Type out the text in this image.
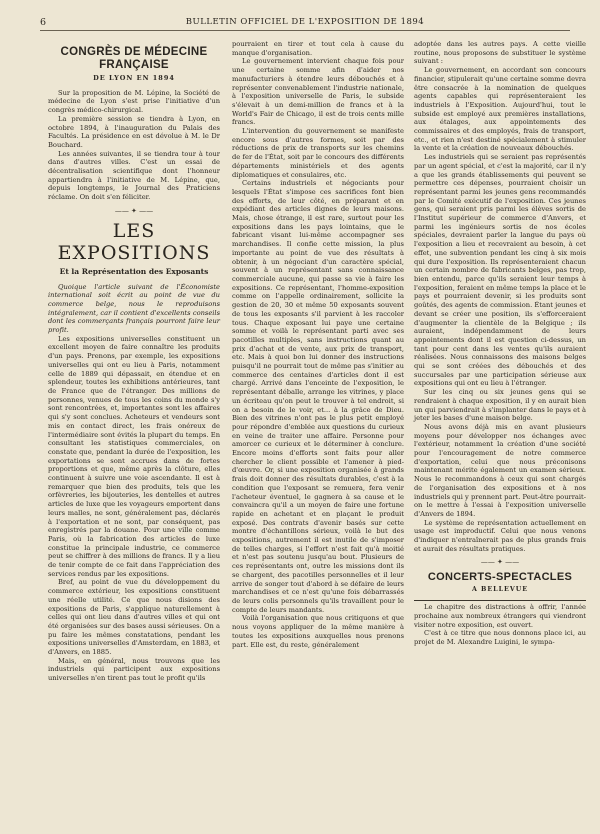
6	BULLETIN OFFICIEL DE L'EXPOSITION DE 1894
CONGRÈS DE MÉDECINE FRANÇAISE
DE LYON EN 1894

Sur la proposition de M. Lépine, la Société de médecine de Lyon s'est prise l'initiative d'un congrès médico-chirurgical.

La première session se tiendra à Lyon, en octobre 1894, à l'inauguration du Palais des Facultés. La présidence en est dévolue à M. le Dr Bouchard.

Les années suivantes, il se tiendra tour à tour dans d'autres villes. C'est un essai de décentralisation scientifique dont l'honneur appartiendra à l'initiative de M. Lépine, que, depuis longtemps, le Journal des Praticiens réclame. On doit s'en féliciter.

—— ✦ ——
LES EXPOSITIONS
Et la Représentation des Exposants

Quoique l'article suivant de l'Économiste international soit écrit au point de vue du commerce belge, nous le reproduisons intégralement, car il contient d'excellents conseils dont les commerçants français pourront faire leur profit.

Les expositions universelles constituent un excellent moyen de faire connaître les produits d'un pays. Prenons, par exemple, les expositions universelles qui ont eu lieu à Paris, notamment celle de 1889 qui dépassait, en étendue et en splendeur, toutes les exhibitions antérieures, tant de France que de l'étranger. Des millions de personnes, venues de tous les coins du monde s'y sont rencontrées, et, importantes sont les affaires qui s'y sont conclues. Acheteurs et vendeurs sont mis en contact direct, les frais onéreux de l'intermédiaire sont évités la plupart du temps. En consultant les statistiques commerciales, on constate que, pendant la durée de l'exposition, les exportations se sont accrues dans de fortes proportions et que, même après la clôture, elles continuent à suivre une voie ascendante. Il est à remarquer que bien des produits, tels que les orfèvreries, les bijouteries, les dentelles et autres articles de luxe que les voyageurs emportent dans leurs malles, ne sont, généralement pas, déclarés à l'exportation et ne sont, par conséquent, pas enregistrés par la douane. Pour une ville comme Paris, où la fabrication des articles de luxe constitue la principale industrie, ce commerce peut se chiffrer à des millions de francs. Il y a lieu de tenir compte de ce fait dans l'appréciation des services rendus par les expositions.

Bref, au point de vue du développement du commerce extérieur, les expositions constituent une réelle utilité. Ce que nous disions des expositions de Paris, s'applique naturellement à celles qui ont lieu dans d'autres villes et qui ont été organisées sur des bases aussi sérieuses. On a pu faire les mêmes constatations, pendant les expositions universelles d'Amsterdam, en 1883, et d'Anvers, en 1885.

Mais, en général, nous trouvons que les industriels qui participent aux expositions universelles n'en tirent pas tout le profit qu'ils

pourraient en tirer et tout cela à cause du manque d'organisation.

Le gouvernement intervient chaque fois pour une certaine somme afin d'aider nos manufacturiers à étendre leurs débouchés et à représenter convenablement l'industrie nationale, à l'exposition universelle de Paris, le subside s'élevait à un demi-million de francs et à la World's Fair de Chicago, il est de trois cents mille francs.

L'intervention du gouvernement se manifeste encore sous d'autres formes, soit par des réductions de prix de transports sur les chemins de fer de l'État, soit par le concours des différents départements ministériels et des agents diplomatiques et consulaires, etc.

Certains industriels et négociants pour lesquels l'État s'impose ces sacrifices font bien des efforts, de leur côté, en préparant et en expédiant des articles dignes de leurs maisons. Mais, chose étrange, il est rare, surtout pour les expositions dans les pays lointains, que le fabricant visant lui-même accompagner ses marchandises. Il confie cette mission, la plus importante au point de vue des résultats à obtenir, à un négociant d'un caractère spécial, souvent à un représentant sans connaissance commerciale aucune, qui passe sa vie à faire les expositions. Ce représentant, l'homme-exposition comme on l'appelle ordinairement, sollicite la gestion de 20, 30 et même 50 exposants souvent de tous les exposants s'il parvient à les raccoler tous. Chaque exposant lui paye une certaine somme et voilà le représentant parti avec ses pacotilles multiples, sans instructions quant au prix d'achat et de vente, aux prix de transport, etc. Mais à quoi bon lui donner des instructions puisqu'il ne pourrait tout de même pas s'initier au commerce des centaines d'articles dont il est chargé. Arrivé dans l'enceinte de l'exposition, le représentant déballe, arrange les vitrines, y place un écriteau qu'on peut le trouver à tel endroit, si on a besoin de le voir, et... à la grâce de Dieu. Bien des vitrines n'ont pas le plus petit employé pour répondre d'emblée aux questions du curieux en veine de traiter une affaire. Personne pour amorcer ce curieux et le déterminer à conclure. Encore moins d'efforts sont faits pour aller chercher le client possible et l'amener à pied-d'œuvre. Or, si une exposition organisée à grands frais doit donner des résultats durables, c'est à la condition que l'exposant se remuera, fera venir l'acheteur éventuel, le gagnera à sa cause et le convaincra qu'il a un moyen de faire une fortune rapide en achetant et en plaçant le produit exposé. Des contrats d'avenir basés sur cette montre d'échantillons sérieux, voilà le but des expositions, autrement il est inutile de s'imposer de telles charges, si l'effort n'est fait qu'à moitié et n'est pas soutenu jusqu'au bout. Plusieurs de ces représentants ont, outre les missions dont ils se chargent, des pacotilles personnelles et il leur arrive de songer tout d'abord à se défaire de leurs marchandises et ce n'est qu'une fois débarrassés de leurs colis personnels qu'ils travaillent pour le compte de leurs mandants.

Voilà l'organisation que nous critiquons et que nous voyons appliquer de la même manière à toutes les expositions auxquelles nous prenons part. Elle est, du reste, généralement

adoptée dans les autres pays. A cette vieille routine, nous proposons de substituer le système suivant :

Le gouvernement, en accordant son concours financier, stipulerait qu'une certaine somme devra être consacrée à la nomination de quelques agents capables qui représenteraient les industriels à l'Exposition. Aujourd'hui, tout le subside est employé aux premières installations, aux étalages, aux appointements des commissaires et des employés, frais de transport, etc., et rien n'est destiné spécialement à stimuler la vente et la création de nouveaux débouchés.

Les industriels qui se seraient pas représentés par un agent spécial, et c'est la majorité, car il n'y a que les grands établissements qui peuvent se permettre ces dépenses, pourraient choisir un représentant parmi les jeunes gens recommandés par le Comité exécutif de l'exposition. Ces jeunes gens, qui seraient pris parmi les élèves sortis de l'Institut supérieur de commerce d'Anvers, et parmi les ingénieurs sortis de nos écoles spéciales, devraient parler la langue du pays où l'exposition a lieu et recevraient au besoin, à cet effet, une subvention pendant les cinq à six mois qui dure l'exposition. Ils représenteraient chacun un certain nombre de fabricants belges, pas trop, bien entendu, parce qu'ils seraient leur temps à l'exposition, feraient en même temps la place et le pays et pourraient devenir, si les produits sont goûtés, des agents de commission. Étant jeunes et devant se créer une position, ils s'efforceraient d'augmenter la clientèle de la Belgique ; ils auraient, indépendamment de leurs appointements dont il est question ci-dessus, un tant pour cent dans les ventes qu'ils auraient réalisées. Nous connaissons des maisons belges qui se sont créées des débouchés et des succursales par une participation sérieuse aux expositions qui ont eu lieu à l'étranger.

Sur les cinq ou six jeunes gens qui se rendraient à chaque exposition, il y en aurait bien un qui parviendrait à s'implanter dans le pays et à jeter les bases d'une maison belge.

Nous avons déjà mis en avant plusieurs moyens pour développer nos échanges avec l'extérieur, notamment la création d'une société pour l'encouragement de notre commerce d'exportation, celui que nous préconisons maintenant mérite également un examen sérieux. Nous le recommandons à ceux qui sont chargés de l'organisation des expositions et à nos industriels qui y prennent part. Peut-être pourrait-on le mettre à l'essai à l'exposition universelle d'Anvers de 1894.

Le système de représentation actuellement en usage est improductif. Celui que nous venons d'indiquer n'entraînerait pas de plus grands frais et aurait des résultats pratiques.

—— ✦ ——
CONCERTS-SPECTACLES
A BELLEVUE

Le chapitre des distractions à offrir, l'année prochaine aux nombreux étrangers qui viendront visiter notre exposition, est ouvert.

C'est à ce titre que nous donnons place ici, au projet de M. Alexandre Luigini, le sympa-
